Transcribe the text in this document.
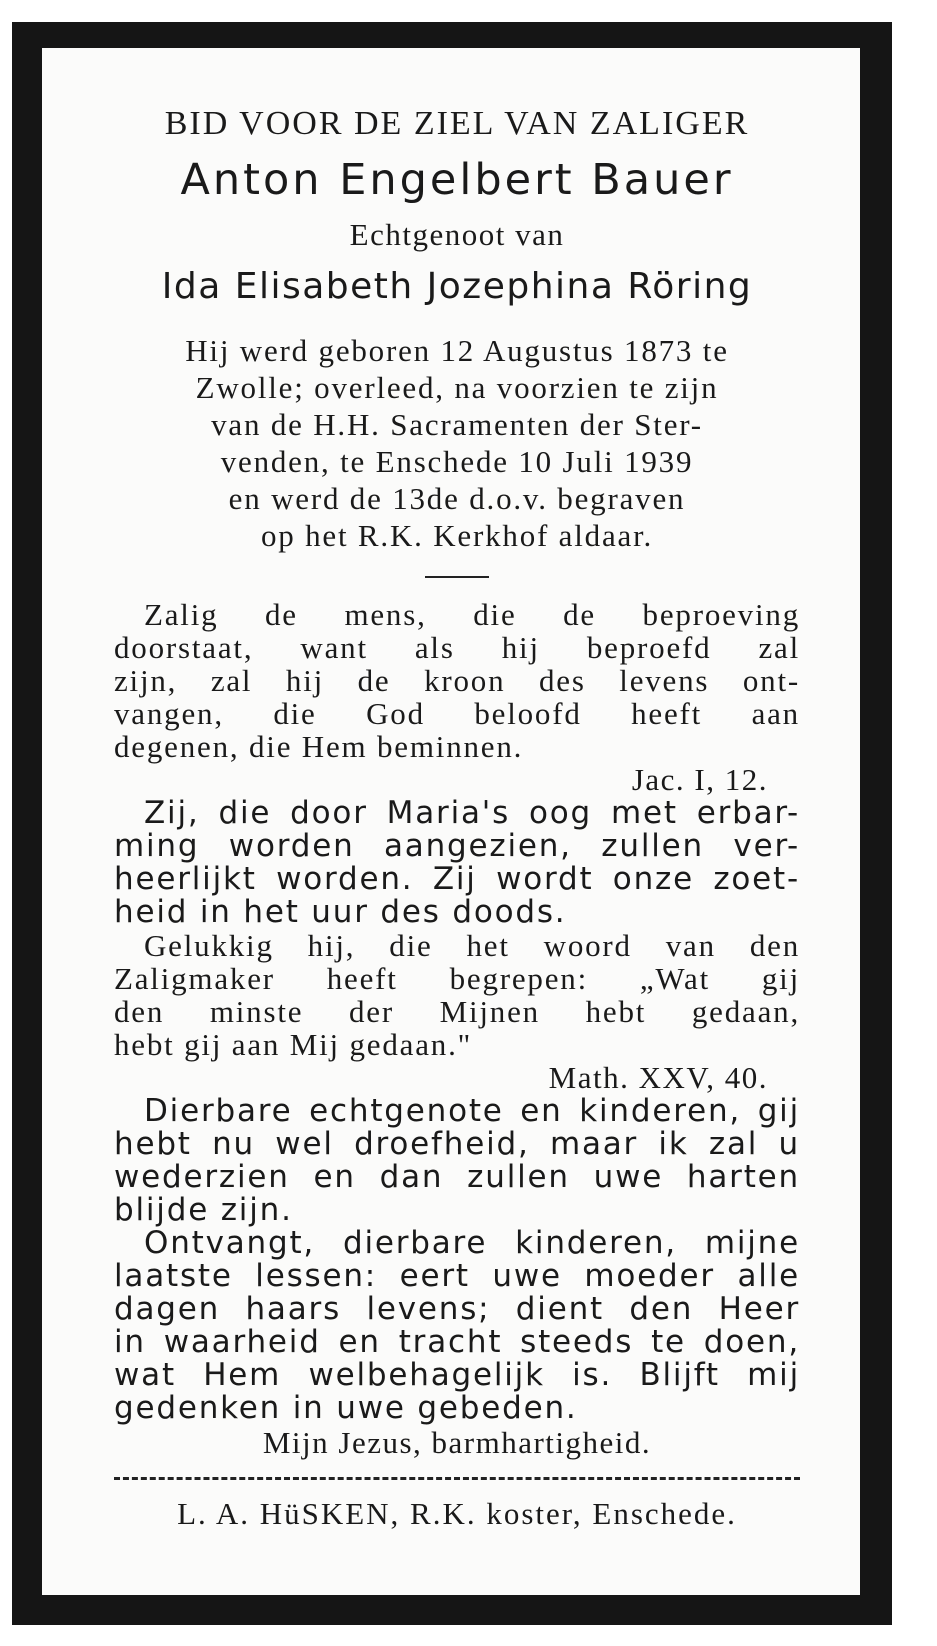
BID VOOR DE ZIEL VAN ZALIGER
Anton Engelbert Bauer
Echtgenoot van
Ida Elisabeth Jozephina Röring
Hij werd geboren 12 Augustus 1873 te
Zwolle; overleed, na voorzien te zijn
van de H.H. Sacramenten der Ster-
venden, te Enschede 10 Juli 1939
en werd de 13de d.o.v. begraven
op het R.K. Kerkhof aldaar.
Zalig de mens, die de beproeving
doorstaat, want als hij beproefd zal
zijn, zal hij de kroon des levens ont-
vangen, die God beloofd heeft aan
degenen, die Hem beminnen.
Jac. I, 12.
Zij, die door Maria's oog met erbar-
ming worden aangezien, zullen ver-
heerlijkt worden. Zij wordt onze zoet-
heid in het uur des doods.
Gelukkig hij, die het woord van den
Zaligmaker heeft begrepen: „Wat gij
den minste der Mijnen hebt gedaan,
hebt gij aan Mij gedaan."
Math. XXV, 40.
Dierbare echtgenote en kinderen, gij
hebt nu wel droefheid, maar ik zal u
wederzien en dan zullen uwe harten
blijde zijn.
Ontvangt, dierbare kinderen, mijne
laatste lessen: eert uwe moeder alle
dagen haars levens; dient den Heer
in waarheid en tracht steeds te doen,
wat Hem welbehagelijk is. Blijft mij
gedenken in uwe gebeden.
Mijn Jezus, barmhartigheid.
L. A. HüSKEN, R.K. koster, Enschede.
